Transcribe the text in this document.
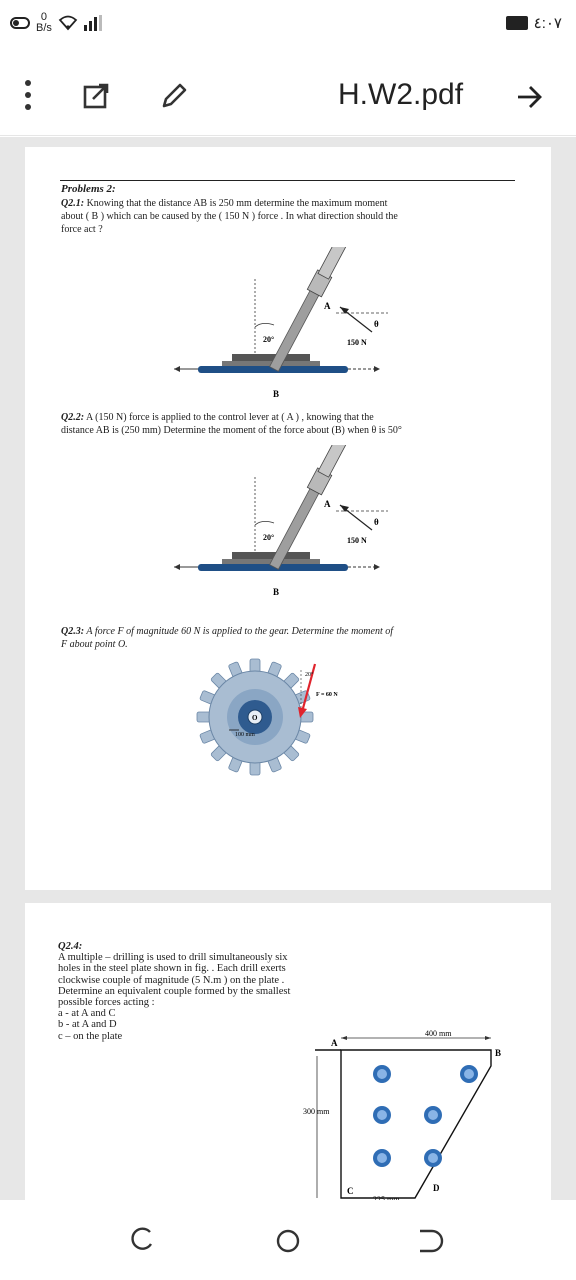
0
B/s	٤:٠٧
H.W2.pdf
Problems 2:
Q2.1: Knowing that the distance AB is 250 mm determine the maximum moment
about ( B ) which can be caused by the ( 150 N ) force . In what direction should the
force act ?
20°
A
θ
150 N
B
Q2.2: A (150 N) force is applied to the control lever at ( A ) , knowing that the
distance AB is (250 mm) Determine the moment of the force about (B) when θ is 50°
20°
A
θ
150 N
B
Q2.3: A force F of magnitude 60 N is applied to the gear. Determine the moment of
F about point O.
O
100 mm
20°
F = 60 N
Q2.4:
A multiple – drilling is used to drill simultaneously six
holes in the steel plate shown in fig. . Each drill exerts
clockwise couple of magnitude (5 N.m ) on the plate .
Determine an equivalent couple formed by the smallest
possible forces acting :
a - at A and C
b - at A and D
c – on the plate	400 mm
A
B
300 mm
C	D
